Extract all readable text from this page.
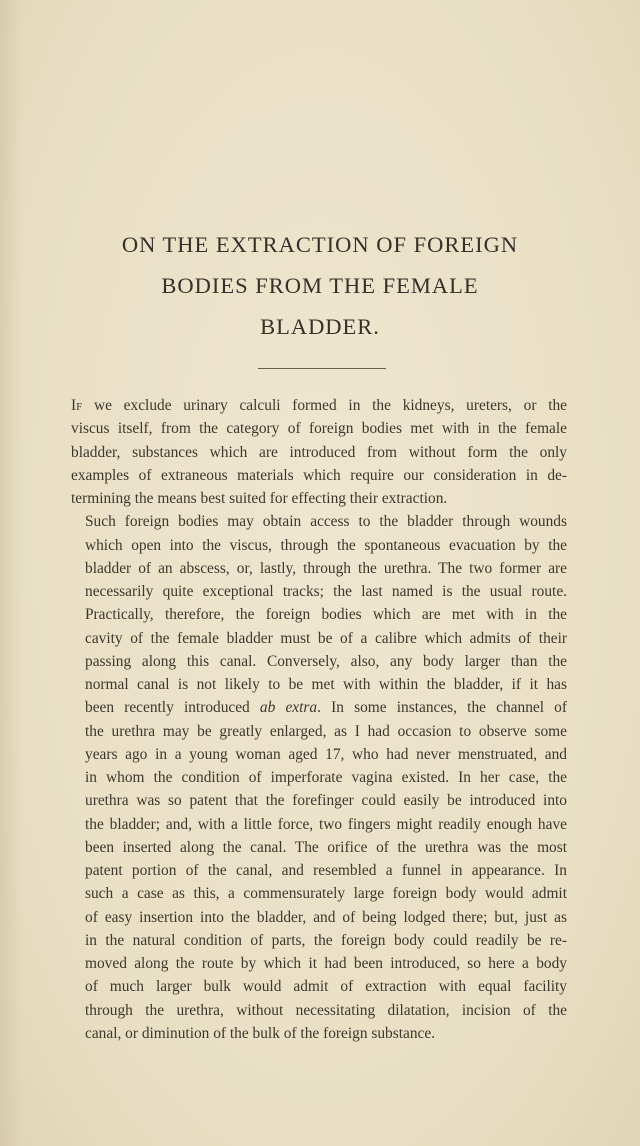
ON THE EXTRACTION OF FOREIGN
BODIES FROM THE FEMALE
BLADDER.

If we exclude urinary calculi formed in the kidneys, ureters, or the
viscus itself, from the category of foreign bodies met with in the female
bladder, substances which are introduced from without form the only
examples of extraneous materials which require our consideration in de-
termining the means best suited for effecting their extraction.

Such foreign bodies may obtain access to the bladder through wounds
which open into the viscus, through the spontaneous evacuation by the
bladder of an abscess, or, lastly, through the urethra. The two former are
necessarily quite exceptional tracks; the last named is the usual route.
Practically, therefore, the foreign bodies which are met with in the
cavity of the female bladder must be of a calibre which admits of their
passing along this canal. Conversely, also, any body larger than the
normal canal is not likely to be met with within the bladder, if it has
been recently introduced ab extra. In some instances, the channel of
the urethra may be greatly enlarged, as I had occasion to observe some
years ago in a young woman aged 17, who had never menstruated, and
in whom the condition of imperforate vagina existed. In her case, the
urethra was so patent that the forefinger could easily be introduced into
the bladder; and, with a little force, two fingers might readily enough have
been inserted along the canal. The orifice of the urethra was the most
patent portion of the canal, and resembled a funnel in appearance. In
such a case as this, a commensurately large foreign body would admit
of easy insertion into the bladder, and of being lodged there; but, just as
in the natural condition of parts, the foreign body could readily be re-
moved along the route by which it had been introduced, so here a body
of much larger bulk would admit of extraction with equal facility
through the urethra, without necessitating dilatation, incision of the
canal, or diminution of the bulk of the foreign substance.
